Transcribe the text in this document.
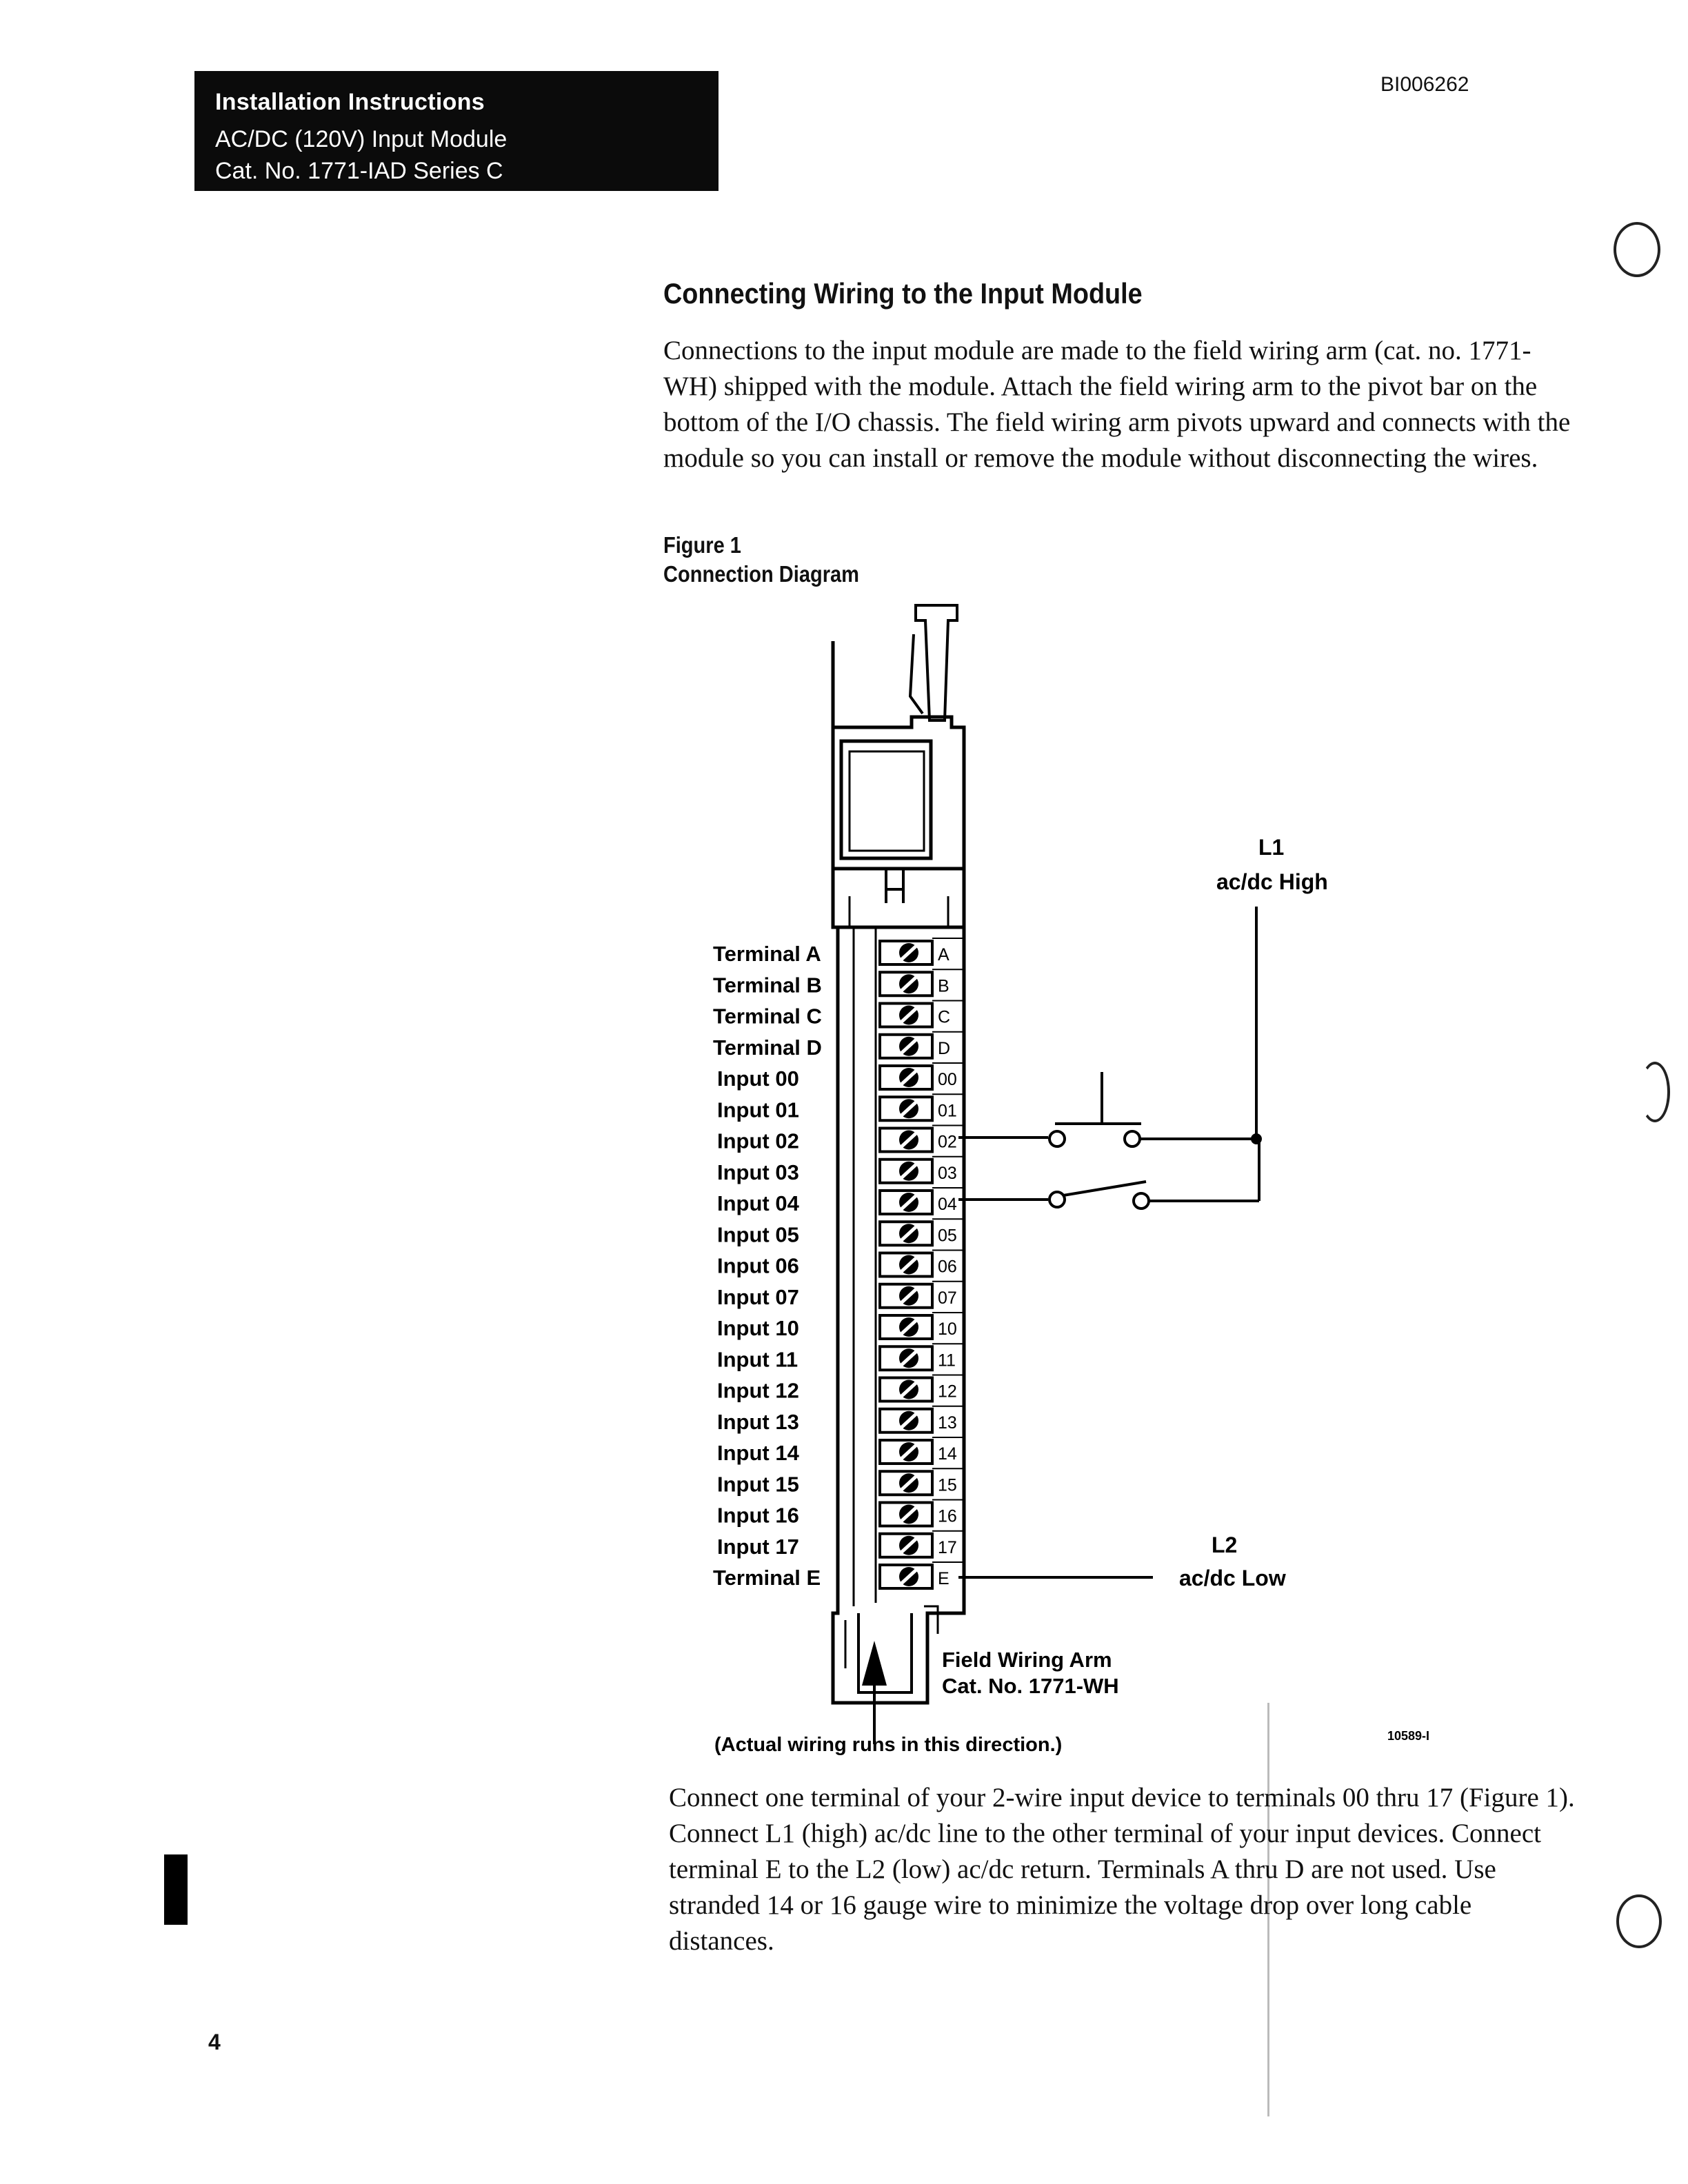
Installation Instructions
AC/DC (120V) Input Module
Cat. No. 1771-IAD Series C
BI006262
Connecting Wiring to the Input Module
Connections to the input module are made to the field wiring arm (cat. no. 1771-WH) shipped with the module. Attach the field wiring arm to the pivot bar on the bottom of the I/O chassis. The field wiring arm pivots upward and connects with the module so you can install or remove the module without disconnecting the wires.
Figure 1
Connection Diagram
Terminal A
Terminal B
Terminal C
Terminal D
Input 00
Input 01
Input 02
Input 03
Input 04
Input 05
Input 06
Input 07
Input 10
Input 11
Input 12
Input 13
Input 14
Input 15
Input 16
Input 17
Terminal E
A
B
C
D
00
01
02
03
04
05
06
07
10
11
12
13
14
15
16
17
E
L1
ac/dc High
L2
ac/dc Low
Field Wiring Arm
Cat. No. 1771-WH
(Actual wiring runs in this direction.)	10589-I
Connect one terminal of your 2-wire input device to terminals 00 thru 17 (Figure 1). Connect L1 (high) ac/dc line to the other terminal of your input devices. Connect terminal E to the L2 (low) ac/dc return. Terminals A thru D are not used. Use stranded 14 or 16 gauge wire to minimize the voltage drop over long cable distances.
4
